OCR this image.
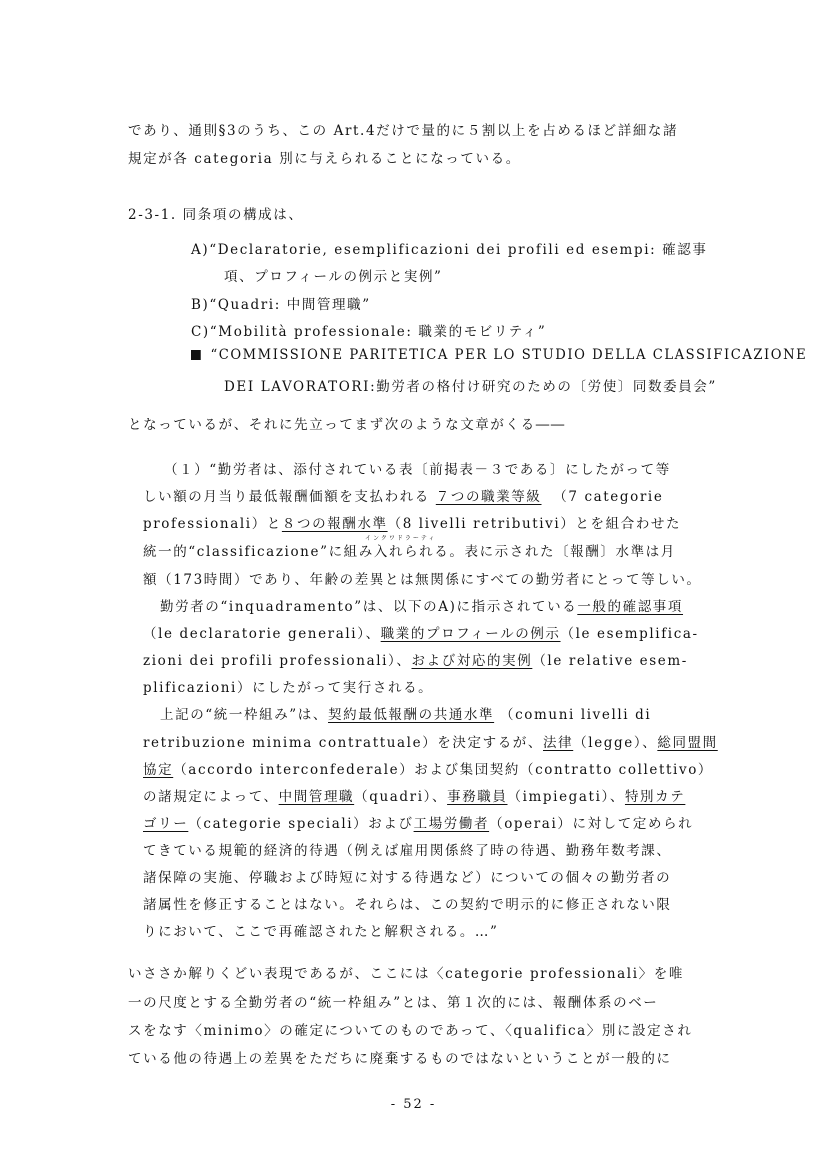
であり、通則§3のうち、この Art.4だけで量的に５割以上を占めるほど詳細な諸
規定が各 categoria 別に与えられることになっている。
2-3-1. 同条項の構成は、
A)“Declaratorie, esemplificazioni dei profili ed esempi: 確認事
項、プロフィールの例示と実例”
B)“Quadri: 中間管理職”
C)“Mobilità professionale: 職業的モビリティ”
“COMMISSIONE PARITETICA PER LO STUDIO DELLA CLASSIFICAZIONE
DEI LAVORATORI:勤労者の格付け研究のための〔労使〕同数委員会”
となっているが、それに先立ってまず次のような文章がくる――
（１）“勤労者は、添付されている表〔前掲表－３である〕にしたがって等
しい額の月当り最低報酬価額を支払われる ７つの職業等級 （7 categorie
professionali）と８つの報酬水準（8 livelli retributivi）とを組合わせた
インクワドラーティ
統一的“classificazione”に組み入れられる。表に示された〔報酬〕水準は月
額（173時間）であり、年齢の差異とは無関係にすべての勤労者にとって等しい。
勤労者の“inquadramento”は、以下のA)に指示されている一般的確認事項
（le declaratorie generali）、職業的プロフィールの例示（le esemplifica-
zioni dei profili professionali）、および対応的実例（le relative esem-
plificazioni）にしたがって実行される。
上記の“統一枠組み”は、契約最低報酬の共通水準 （comuni livelli di
retribuzione minima contrattuale）を決定するが、法律（legge）、総同盟間
協定（accordo interconfederale）および集団契約（contratto collettivo）
の諸規定によって、中間管理職（quadri）、事務職員（impiegati）、特別カテ
ゴリー（categorie speciali）および工場労働者（operai）に対して定められ
てきている規範的経済的待遇（例えば雇用関係終了時の待遇、勤務年数考課、
諸保障の実施、停職および時短に対する待遇など）についての個々の勤労者の
諸属性を修正することはない。それらは、この契約で明示的に修正されない限
りにおいて、ここで再確認されたと解釈される。…”
いささか解りくどい表現であるが、ここには〈categorie professionali〉を唯
一の尺度とする全勤労者の“統一枠組み”とは、第１次的には、報酬体系のベー
スをなす〈minimo〉の確定についてのものであって、〈qualifica〉別に設定され
ている他の待遇上の差異をただちに廃棄するものではないということが一般的に
- 52 -
